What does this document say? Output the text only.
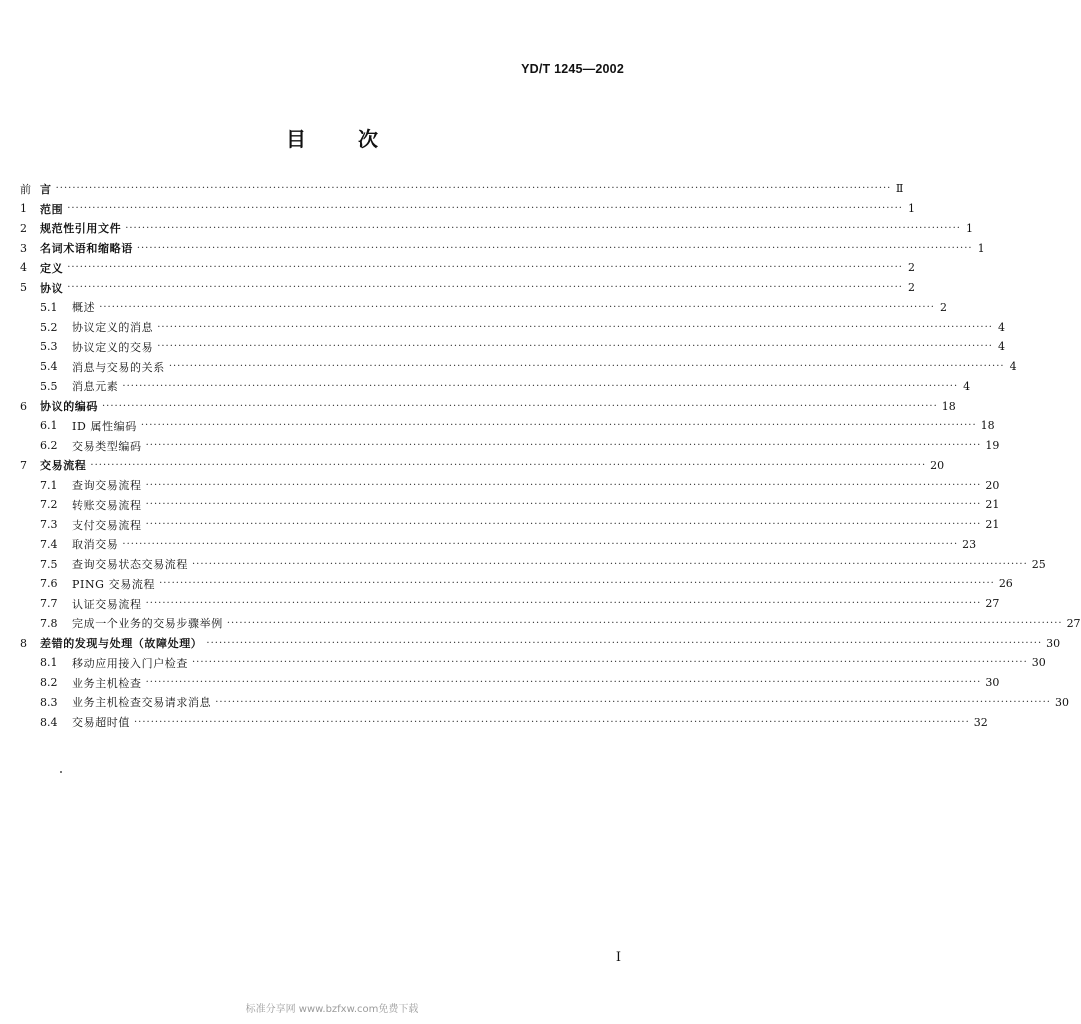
YD/T 1245—2002
目	次
前 言 ········································································································································································································ Ⅱ
1	范围 ········································································································································································································ 1
2	规范性引用文件 ········································································································································································································ 1
3	名词术语和缩略语 ········································································································································································································ 1
4	定义 ········································································································································································································ 2
5	协议 ········································································································································································································ 2
5.1	概述 ········································································································································································································ 2
5.2	协议定义的消息 ········································································································································································································ 4
5.3	协议定义的交易 ········································································································································································································ 4
5.4	消息与交易的关系 ········································································································································································································ 4
5.5	消息元素 ········································································································································································································ 4
6	协议的编码 ········································································································································································································ 18
6.1	ID 属性编码 ········································································································································································································ 18
6.2	交易类型编码 ········································································································································································································ 19
7	交易流程 ········································································································································································································ 20
7.1	查询交易流程 ········································································································································································································ 20
7.2	转账交易流程 ········································································································································································································ 21
7.3	支付交易流程 ········································································································································································································ 21
7.4	取消交易 ········································································································································································································ 23
7.5	查询交易状态交易流程 ········································································································································································································ 25
7.6	PING 交易流程 ········································································································································································································ 26
7.7	认证交易流程 ········································································································································································································ 27
7.8	完成一个业务的交易步骤举例 ········································································································································································································ 27
8	差错的发现与处理（故障处理） ········································································································································································································ 30
8.1	移动应用接入门户检查 ········································································································································································································ 30
8.2	业务主机检查 ········································································································································································································ 30
8.3	业务主机检查交易请求消息 ········································································································································································································ 30
8.4	交易超时值 ········································································································································································································ 32
I
标准分享网 www.bzfxw.com免费下载
